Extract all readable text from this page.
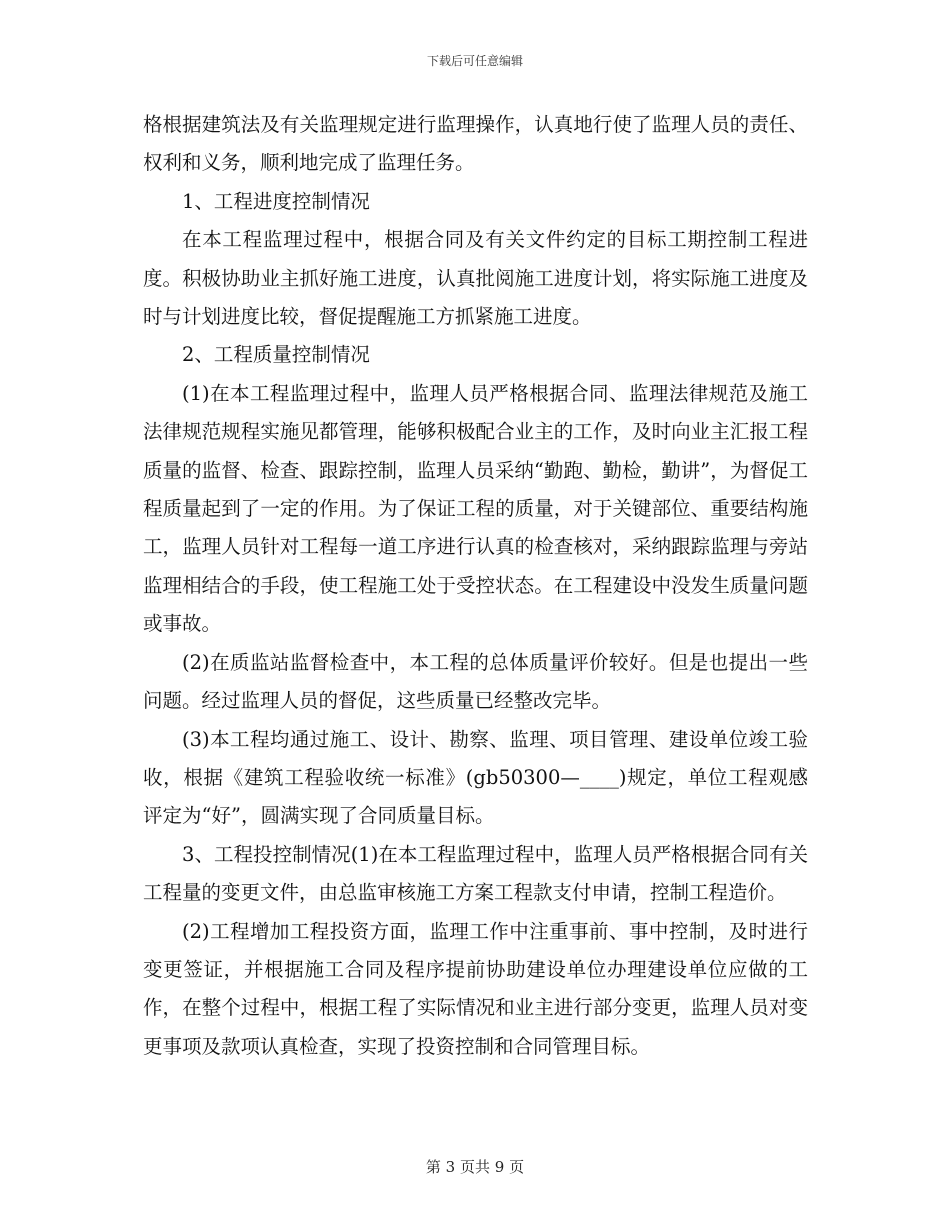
下载后可任意编辑

格根据建筑法及有关监理规定进行监理操作，认真地行使了监理人员的责任、权利和义务，顺利地完成了监理任务。

1、工程进度控制情况

在本工程监理过程中，根据合同及有关文件约定的目标工期控制工程进度。积极协助业主抓好施工进度，认真批阅施工进度计划，将实际施工进度及时与计划进度比较，督促提醒施工方抓紧施工进度。

2、工程质量控制情况

(1)在本工程监理过程中，监理人员严格根据合同、监理法律规范及施工法律规范规程实施见都管理，能够积极配合业主的工作，及时向业主汇报工程质量的监督、检查、跟踪控制，监理人员采纳“勤跑、勤检，勤讲”，为督促工程质量起到了一定的作用。为了保证工程的质量，对于关键部位、重要结构施工，监理人员针对工程每一道工序进行认真的检查核对，采纳跟踪监理与旁站监理相结合的手段，使工程施工处于受控状态。在工程建设中没发生质量问题或事故。

(2)在质监站监督检查中，本工程的总体质量评价较好。但是也提出一些问题。经过监理人员的督促，这些质量已经整改完毕。

(3)本工程均通过施工、设计、勘察、监理、项目管理、建设单位竣工验收，根据《建筑工程验收统一标准》(gb50300—____)规定，单位工程观感评定为“好”，圆满实现了合同质量目标。

3、工程投控制情况(1)在本工程监理过程中，监理人员严格根据合同有关工程量的变更文件，由总监审核施工方案工程款支付申请，控制工程造价。

(2)工程增加工程投资方面，监理工作中注重事前、事中控制，及时进行变更签证，并根据施工合同及程序提前协助建设单位办理建设单位应做的工作，在整个过程中，根据工程了实际情况和业主进行部分变更，监理人员对变更事项及款项认真检查，实现了投资控制和合同管理目标。

第 3 页共 9 页
